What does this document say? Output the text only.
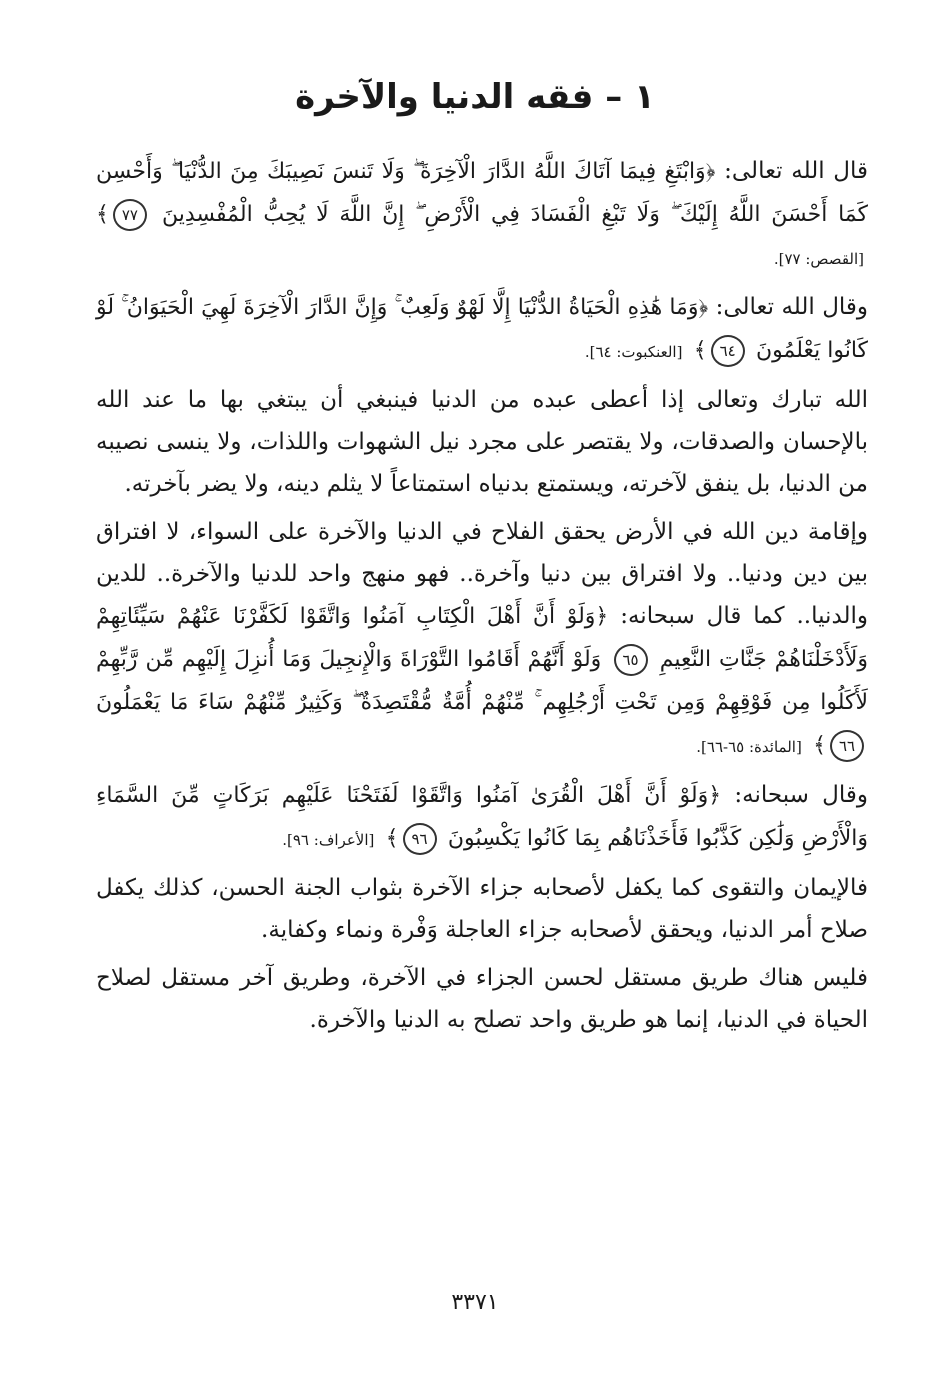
١ – فقه الدنيا والآخرة

قال الله تعالى: ﴿وَابْتَغِ فِيمَا آتَاكَ اللَّهُ الدَّارَ الْآخِرَةَ ۖ وَلَا تَنسَ نَصِيبَكَ مِنَ الدُّنْيَا ۖ وَأَحْسِن كَمَا أَحْسَنَ اللَّهُ إِلَيْكَ ۖ وَلَا تَبْغِ الْفَسَادَ فِي الْأَرْضِ ۖ إِنَّ اللَّهَ لَا يُحِبُّ الْمُفْسِدِينَ ٧٧﴾ [القصص: ٧٧].

وقال الله تعالى: ﴿وَمَا هَٰذِهِ الْحَيَاةُ الدُّنْيَا إِلَّا لَهْوٌ وَلَعِبٌ ۚ وَإِنَّ الدَّارَ الْآخِرَةَ لَهِيَ الْحَيَوَانُ ۚ لَوْ كَانُوا يَعْلَمُونَ ٦٤﴾ [العنكبوت: ٦٤].

الله تبارك وتعالى إذا أعطى عبده من الدنيا فينبغي أن يبتغي بها ما عند الله بالإحسان والصدقات، ولا يقتصر على مجرد نيل الشهوات واللذات، ولا ينسى نصيبه من الدنيا، بل ينفق لآخرته، ويستمتع بدنياه استمتاعاً لا يثلم دينه، ولا يضر بآخرته.

وإقامة دين الله في الأرض يحقق الفلاح في الدنيا والآخرة على السواء، لا افتراق بين دين ودنيا.. ولا افتراق بين دنيا وآخرة.. فهو منهج واحد للدنيا والآخرة.. للدين والدنيا.. كما قال سبحانه: ﴿وَلَوْ أَنَّ أَهْلَ الْكِتَابِ آمَنُوا وَاتَّقَوْا لَكَفَّرْنَا عَنْهُمْ سَيِّئَاتِهِمْ وَلَأَدْخَلْنَاهُمْ جَنَّاتِ النَّعِيمِ ٦٥ وَلَوْ أَنَّهُمْ أَقَامُوا التَّوْرَاةَ وَالْإِنجِيلَ وَمَا أُنزِلَ إِلَيْهِم مِّن رَّبِّهِمْ لَأَكَلُوا مِن فَوْقِهِمْ وَمِن تَحْتِ أَرْجُلِهِم ۚ مِّنْهُمْ أُمَّةٌ مُّقْتَصِدَةٌ ۖ وَكَثِيرٌ مِّنْهُمْ سَاءَ مَا يَعْمَلُونَ ٦٦﴾ [المائدة: ٦٥-٦٦].

وقال سبحانه: ﴿وَلَوْ أَنَّ أَهْلَ الْقُرَىٰ آمَنُوا وَاتَّقَوْا لَفَتَحْنَا عَلَيْهِم بَرَكَاتٍ مِّنَ السَّمَاءِ وَالْأَرْضِ وَلَٰكِن كَذَّبُوا فَأَخَذْنَاهُم بِمَا كَانُوا يَكْسِبُونَ ٩٦﴾ [الأعراف: ٩٦].

فالإيمان والتقوى كما يكفل لأصحابه جزاء الآخرة بثواب الجنة الحسن، كذلك يكفل صلاح أمر الدنيا، ويحقق لأصحابه جزاء العاجلة وَفْرة ونماء وكفاية.

فليس هناك طريق مستقل لحسن الجزاء في الآخرة، وطريق آخر مستقل لصلاح الحياة في الدنيا، إنما هو طريق واحد تصلح به الدنيا والآخرة.

٣٣٧١
